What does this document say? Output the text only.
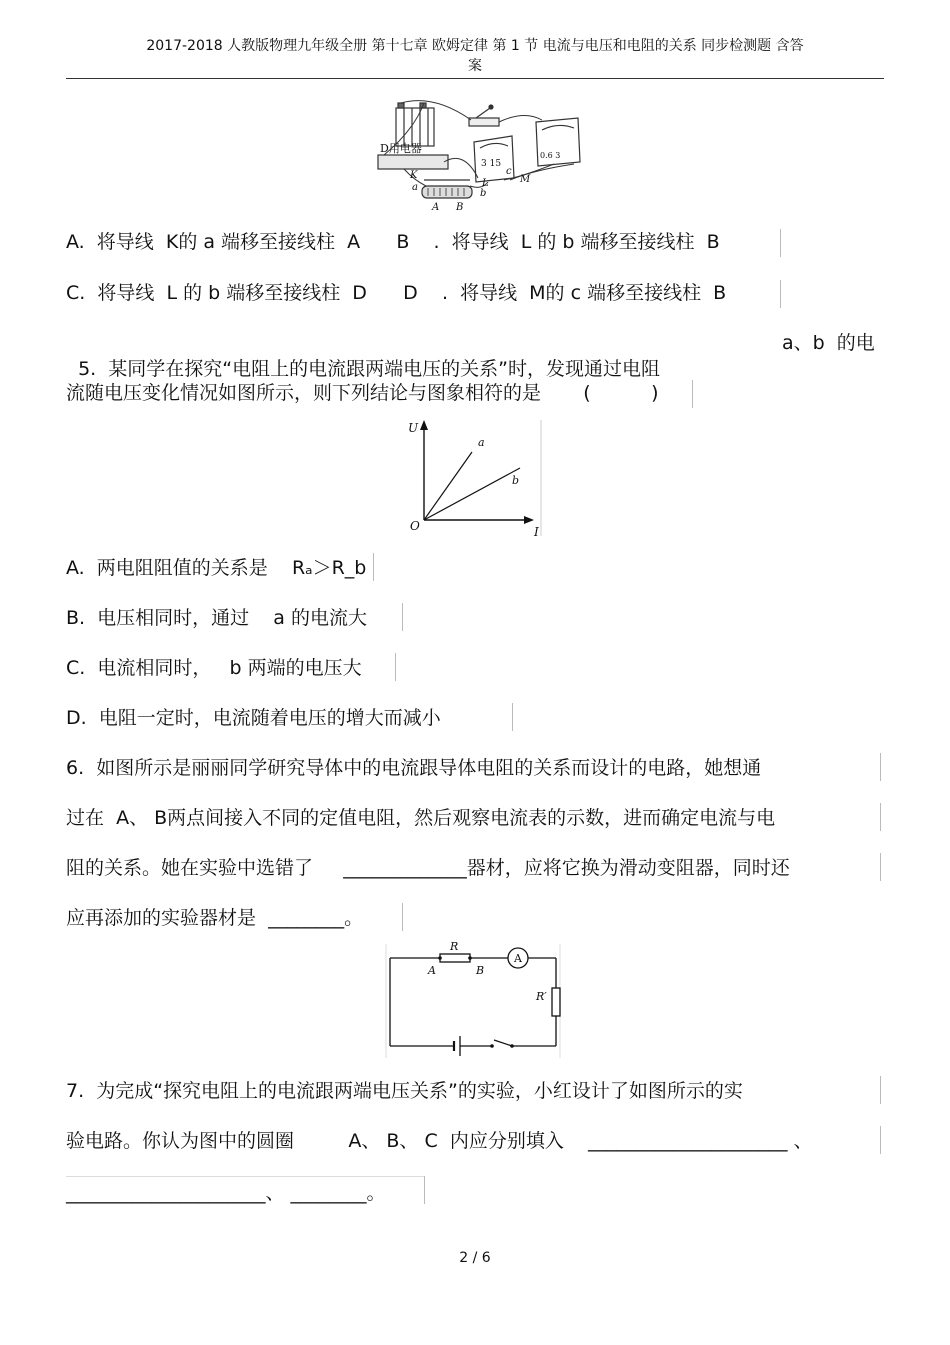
2017-2018 人教版物理九年级全册 第十七章 欧姆定律 第 1 节 电流与电压和电阻的关系 同步检测题 含答
案
D用电器
3 15
0.6 3
K
a
A B
b
L
c
M
A.  将导线  K的 a 端移至接线柱  A      B    .  将导线  L 的 b 端移至接线柱  B
C.  将导线  L 的 b 端移至接线柱  D      D    .  将导线  M的 c 端移至接线柱  B

5.  某同学在探究“电阻上的电流跟两端电压的关系”时，发现通过电阻

a、b  的电
流随电压变化情况如图所示，则下列结论与图象相符的是       (          )
U
I
O
a
b
A.  两电阻阻值的关系是    Rₐ＞R_b
B.  电压相同时，通过    a 的电流大
C.  电流相同时，   b 两端的电压大
D.  电阻一定时，电流随着电压的增大而减小
6.  如图所示是丽丽同学研究导体中的电流跟导体电阻的关系而设计的电路，她想通
过在  A、 B两点间接入不同的定值电阻，然后观察电流表的示数，进而确定电流与电
阻的关系。她在实验中选错了     _____________器材，应将它换为滑动变阻器，同时还
应再添加的实验器材是  ________。
R
A	B
R′
A
7.  为完成“探究电阻上的电流跟两端电压关系”的实验，小红设计了如图所示的实
验电路。你认为图中的圆圈         A、 B、 C  内应分别填入    _____________________ 、
_____________________、 ________。
2 / 6
